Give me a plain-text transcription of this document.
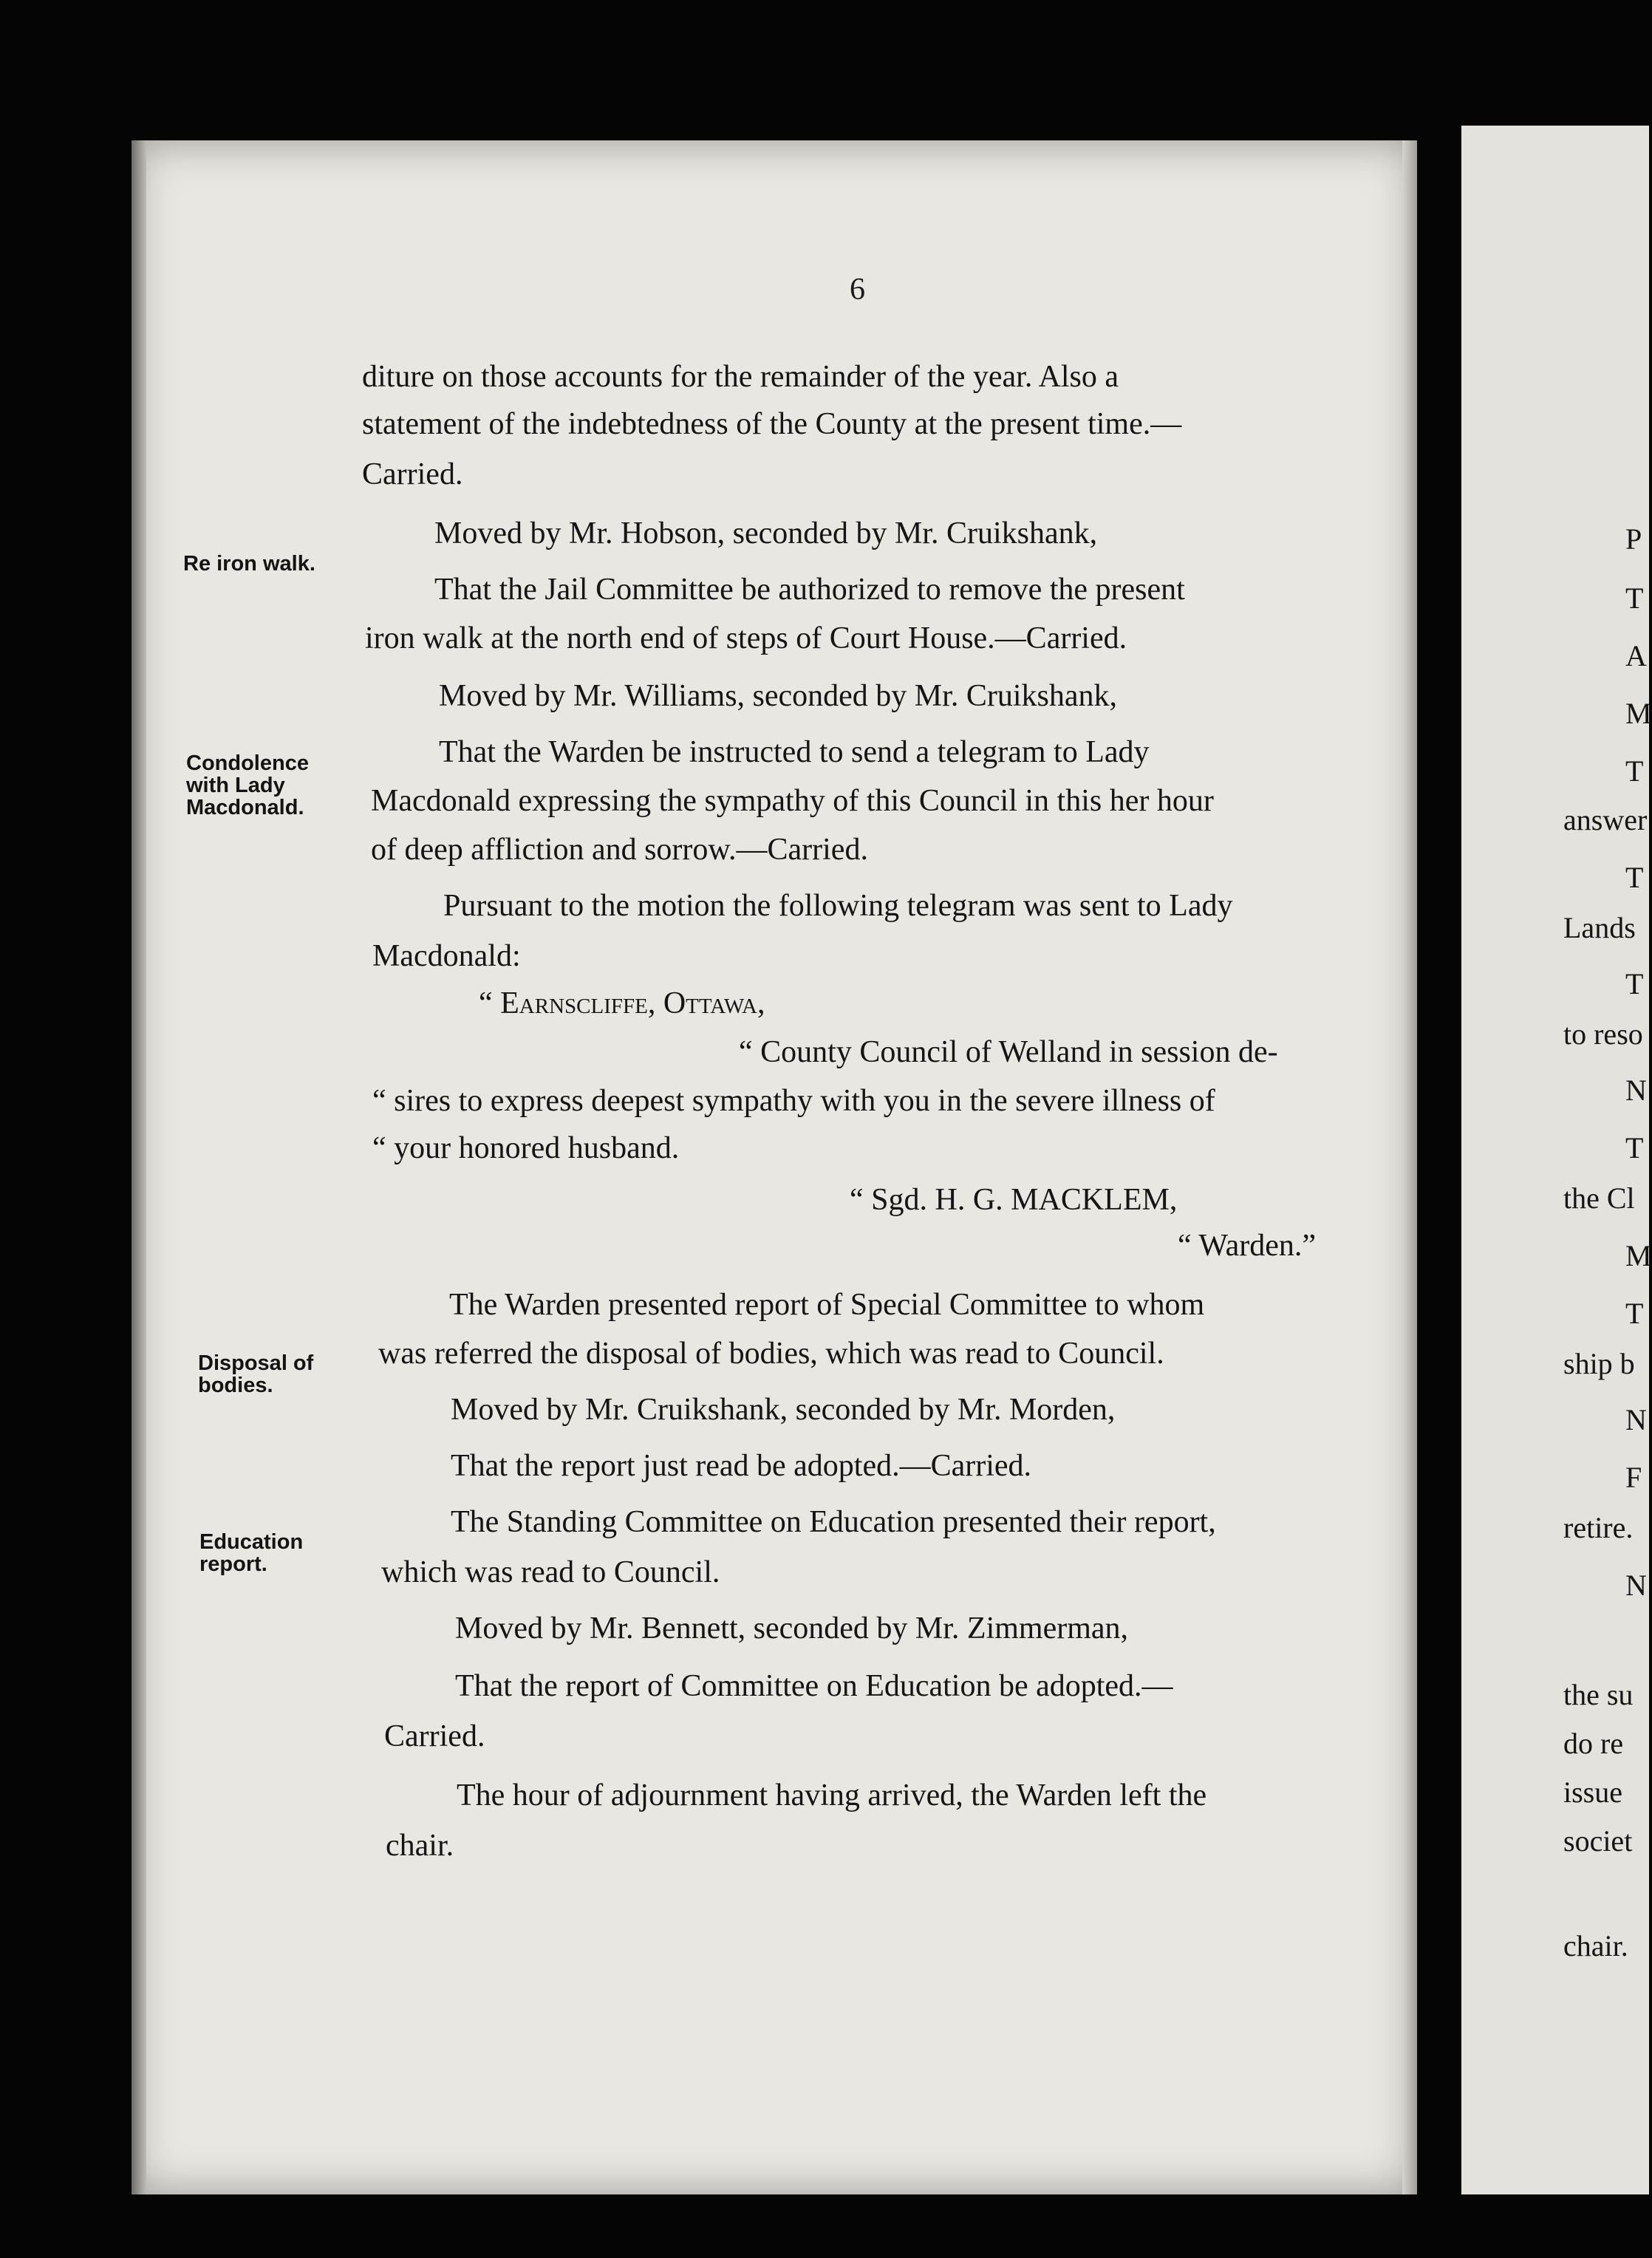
6
diture on those accounts for the remainder of the year. Also a
statement of the indebtedness of the County at the present time.—
Carried.
Moved by Mr. Hobson, seconded by Mr. Cruikshank,
That the Jail Committee be authorized to remove the present
iron walk at the north end of steps of Court House.—Carried.
Moved by Mr. Williams, seconded by Mr. Cruikshank,
That the Warden be instructed to send a telegram to Lady
Macdonald expressing the sympathy of this Council in this her hour
of deep affliction and sorrow.—Carried.
Pursuant to the motion the following telegram was sent to Lady
Macdonald:
“ Earnscliffe, Ottawa,
“ County Council of Welland in session de-
“ sires to express deepest sympathy with you in the severe illness of
“ your honored husband.
“ Sgd. H. G. MACKLEM,
“ Warden.”
The Warden presented report of Special Committee to whom
was referred the disposal of bodies, which was read to Council.
Moved by Mr. Cruikshank, seconded by Mr. Morden,
That the report just read be adopted.—Carried.
The Standing Committee on Education presented their report,
which was read to Council.
Moved by Mr. Bennett, seconded by Mr. Zimmerman,
That the report of Committee on Education be adopted.—
Carried.
The hour of adjournment having arrived, the Warden left the
chair.
Re iron walk.
Condolence with Lady Macdonald.
Disposal of bodies.
Education report.
P
T
A
M
T
answer
T
Lands
T
to reso
N
T
the Cl
M
T
ship b
N
F
retire.
N
the su
do re
issue
societ
chair.
